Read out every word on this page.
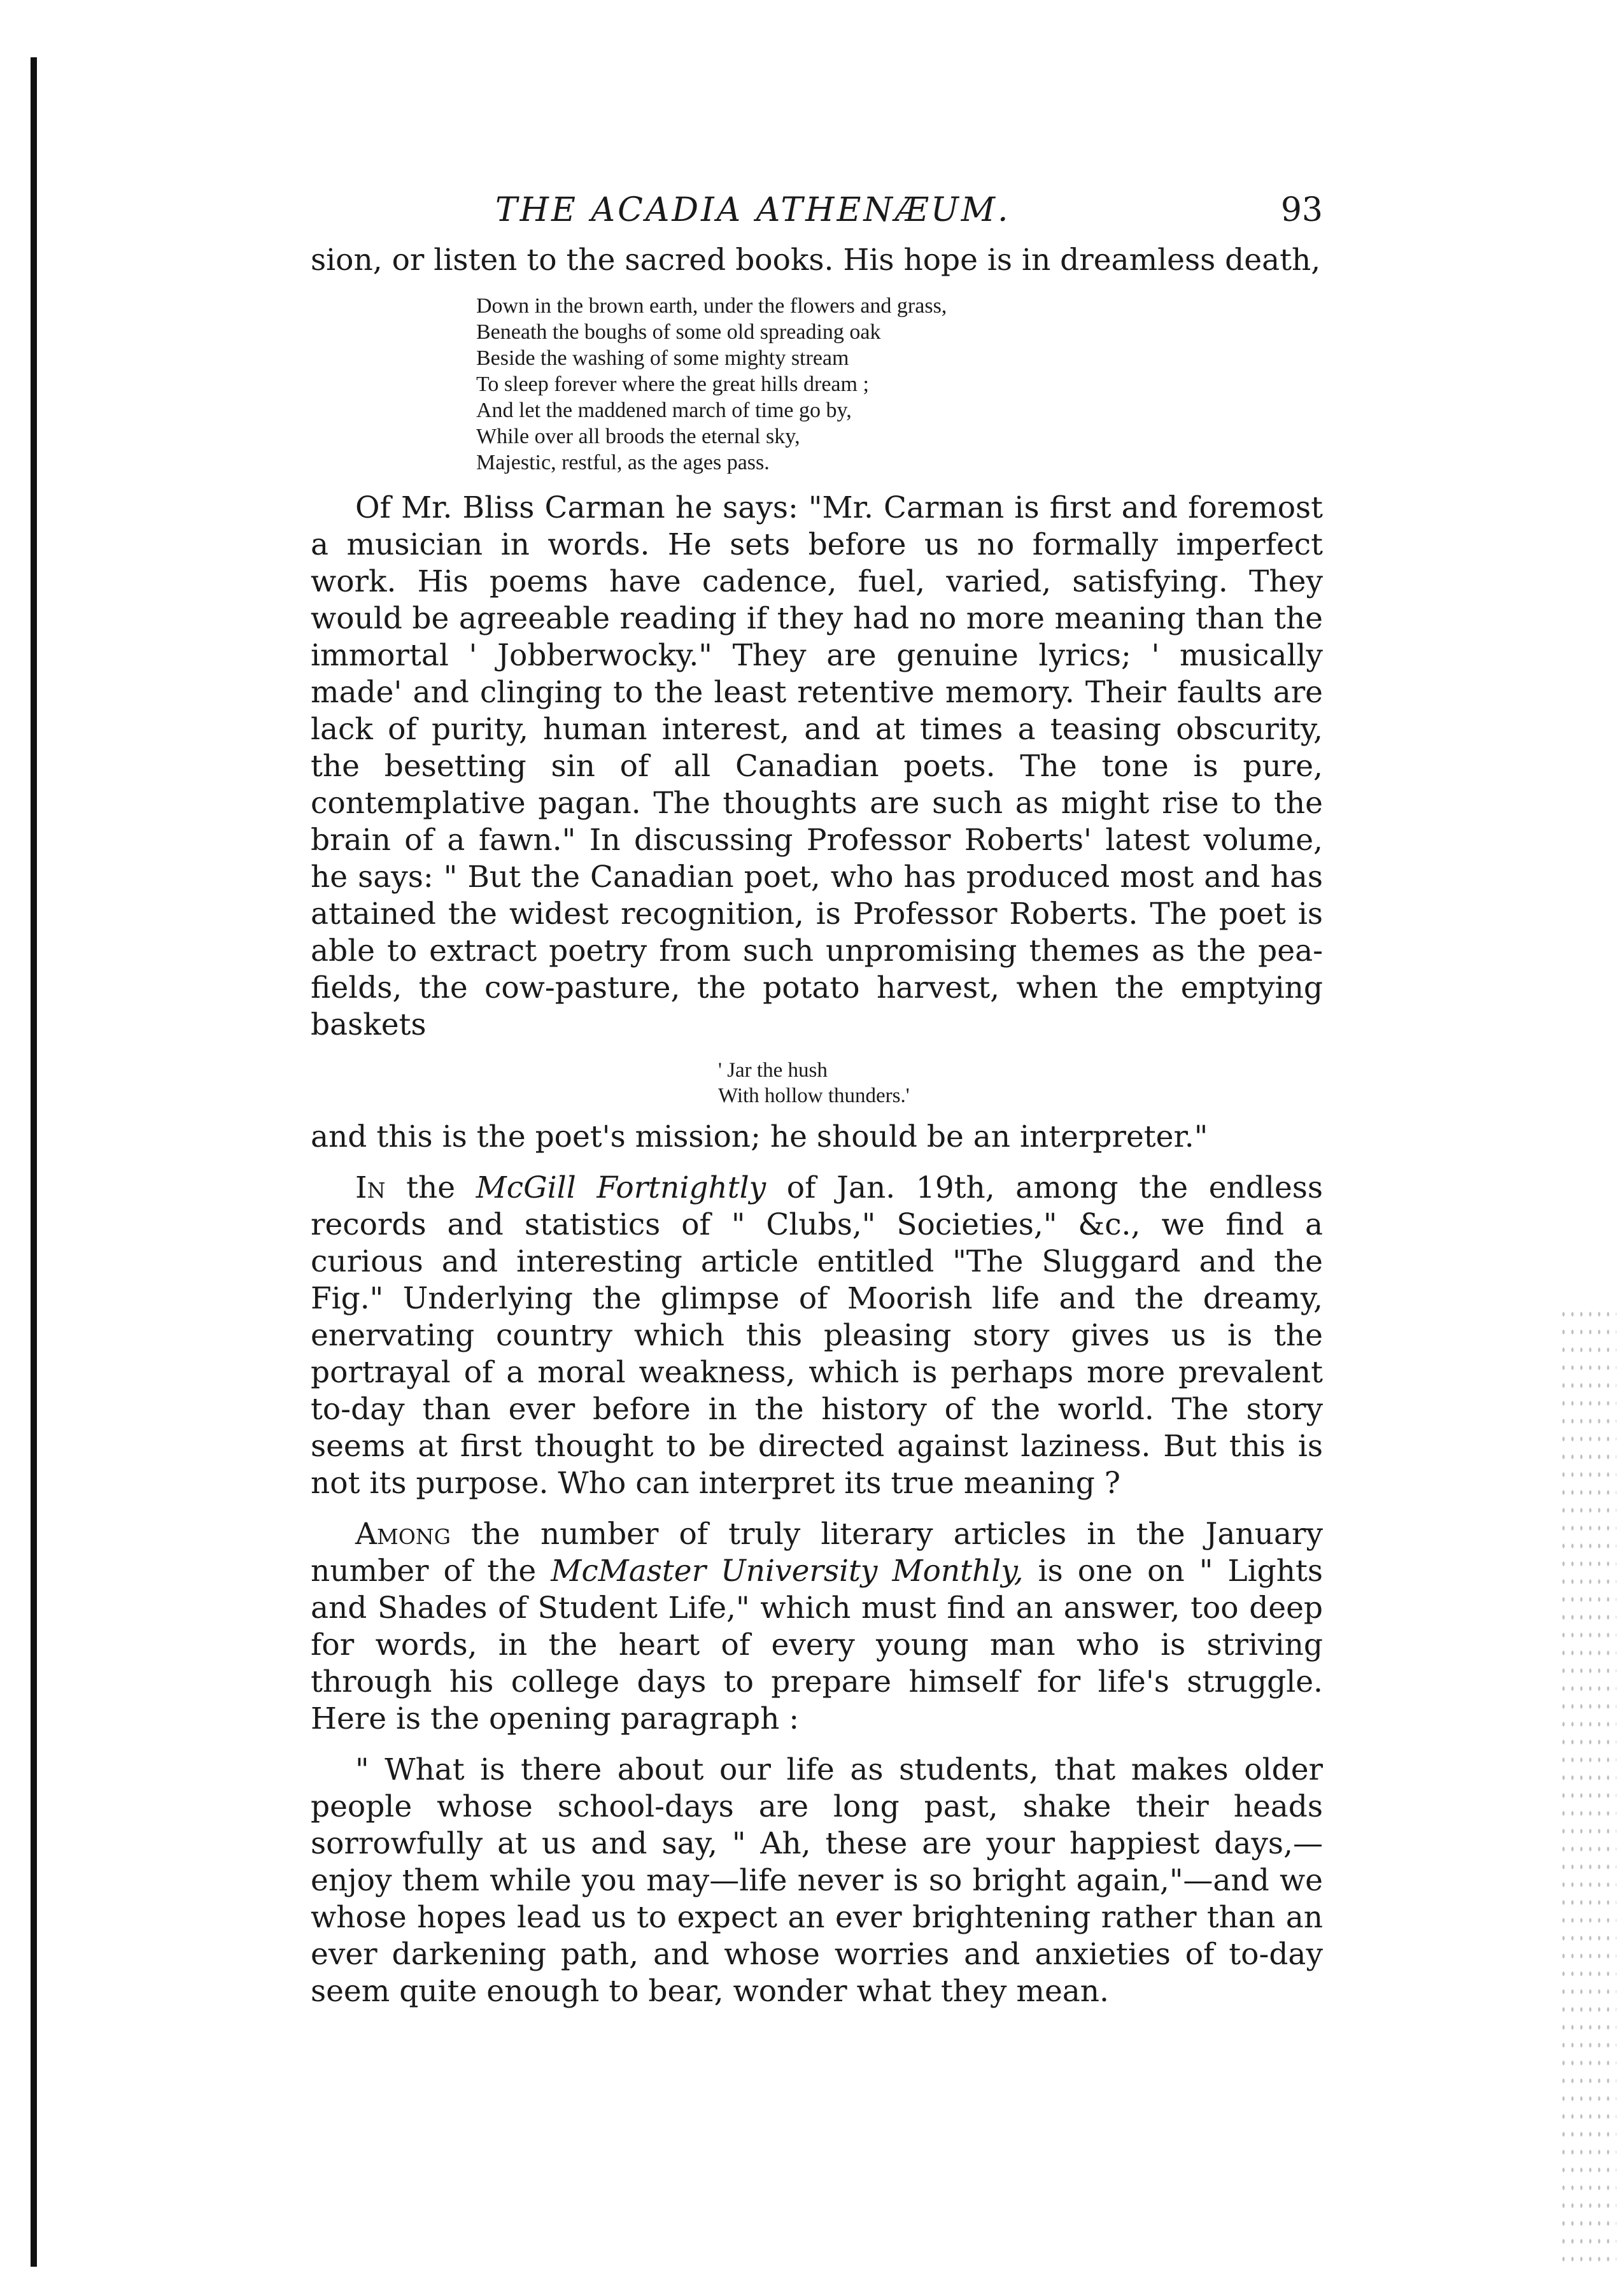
THE ACADIA ATHENÆUM.	93

sion, or listen to the sacred books. His hope is in dreamless death,

Down in the brown earth, under the flowers and grass,
Beneath the boughs of some old spreading oak
Beside the washing of some mighty stream
To sleep forever where the great hills dream ;
And let the maddened march of time go by,
While over all broods the eternal sky,
Majestic, restful, as the ages pass.

Of Mr. Bliss Carman he says: "Mr. Carman is first and foremost a musician in words. He sets before us no formally imperfect work. His poems have cadence, fuel, varied, satisfying. They would be agreeable reading if they had no more meaning than the immortal ' Jobberwocky." They are genuine lyrics; ' musically made' and clinging to the least retentive memory. Their faults are lack of purity, human interest, and at times a teasing obscurity, the besetting sin of all Canadian poets. The tone is pure, contemplative pagan. The thoughts are such as might rise to the brain of a fawn." In discussing Professor Roberts' latest volume, he says: " But the Canadian poet, who has produced most and has attained the widest recognition, is Professor Roberts. The poet is able to extract poetry from such unpromising themes as the pea-fields, the cow-pasture, the potato harvest, when the emptying baskets

' Jar the hush
With hollow thunders.'

and this is the poet's mission; he should be an interpreter."

In the McGill Fortnightly of Jan. 19th, among the endless records and statistics of " Clubs," Societies," &c., we find a curious and interesting article entitled "The Sluggard and the Fig." Underlying the glimpse of Moorish life and the dreamy, enervating country which this pleasing story gives us is the portrayal of a moral weakness, which is perhaps more prevalent to-day than ever before in the history of the world. The story seems at first thought to be directed against laziness. But this is not its purpose. Who can interpret its true meaning ?

Among the number of truly literary articles in the January number of the McMaster University Monthly, is one on " Lights and Shades of Student Life," which must find an answer, too deep for words, in the heart of every young man who is striving through his college days to prepare himself for life's struggle. Here is the opening paragraph :

" What is there about our life as students, that makes older people whose school-days are long past, shake their heads sorrowfully at us and say, " Ah, these are your happiest days,—enjoy them while you may—life never is so bright again,"—and we whose hopes lead us to expect an ever brightening rather than an ever darkening path, and whose worries and anxieties of to-day seem quite enough to bear, wonder what they mean.
